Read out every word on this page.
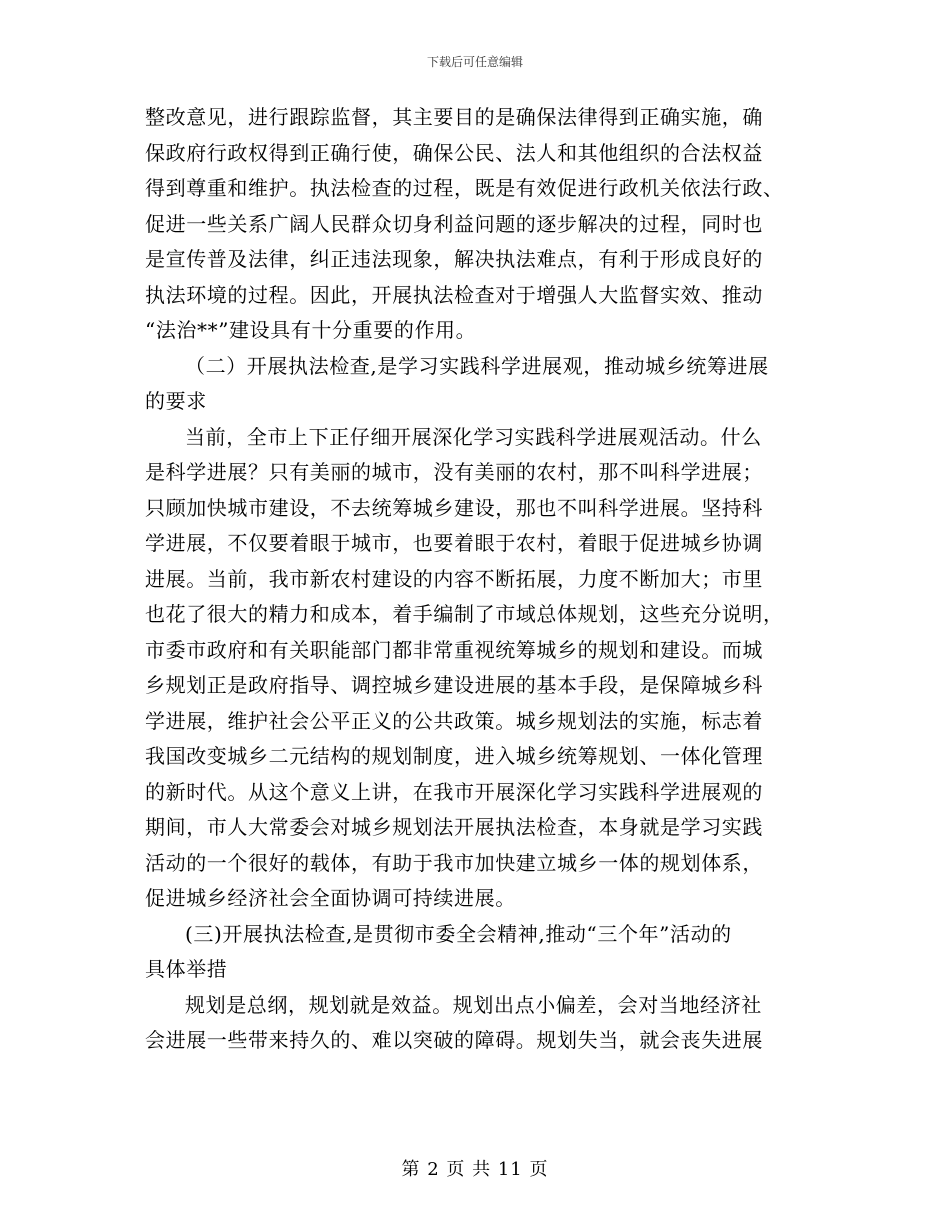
下载后可任意编辑
整改意见，进行跟踪监督，其主要目的是确保法律得到正确实施，确
保政府行政权得到正确行使，确保公民、法人和其他组织的合法权益
得到尊重和维护。执法检查的过程，既是有效促进行政机关依法行政、
促进一些关系广阔人民群众切身利益问题的逐步解决的过程，同时也
是宣传普及法律，纠正违法现象，解决执法难点，有利于形成良好的
执法环境的过程。因此，开展执法检查对于增强人大监督实效、推动
“法治**”建设具有十分重要的作用。
（二）开展执法检查,是学习实践科学进展观，推动城乡统筹进展
的要求
当前，全市上下正仔细开展深化学习实践科学进展观活动。什么
是科学进展？只有美丽的城市，没有美丽的农村，那不叫科学进展；
只顾加快城市建设，不去统筹城乡建设，那也不叫科学进展。坚持科
学进展，不仅要着眼于城市，也要着眼于农村，着眼于促进城乡协调
进展。当前，我市新农村建设的内容不断拓展，力度不断加大；市里
也花了很大的精力和成本，着手编制了市域总体规划，这些充分说明，
市委市政府和有关职能部门都非常重视统筹城乡的规划和建设。而城
乡规划正是政府指导、调控城乡建设进展的基本手段，是保障城乡科
学进展，维护社会公平正义的公共政策。城乡规划法的实施，标志着
我国改变城乡二元结构的规划制度，进入城乡统筹规划、一体化管理
的新时代。从这个意义上讲，在我市开展深化学习实践科学进展观的
期间，市人大常委会对城乡规划法开展执法检查，本身就是学习实践
活动的一个很好的载体，有助于我市加快建立城乡一体的规划体系，
促进城乡经济社会全面协调可持续进展。
(三)开展执法检查,是贯彻市委全会精神,推动“三个年”活动的
具体举措
规划是总纲，规划就是效益。规划出点小偏差，会对当地经济社
会进展一些带来持久的、难以突破的障碍。规划失当，就会丧失进展
第 2 页 共 11 页
